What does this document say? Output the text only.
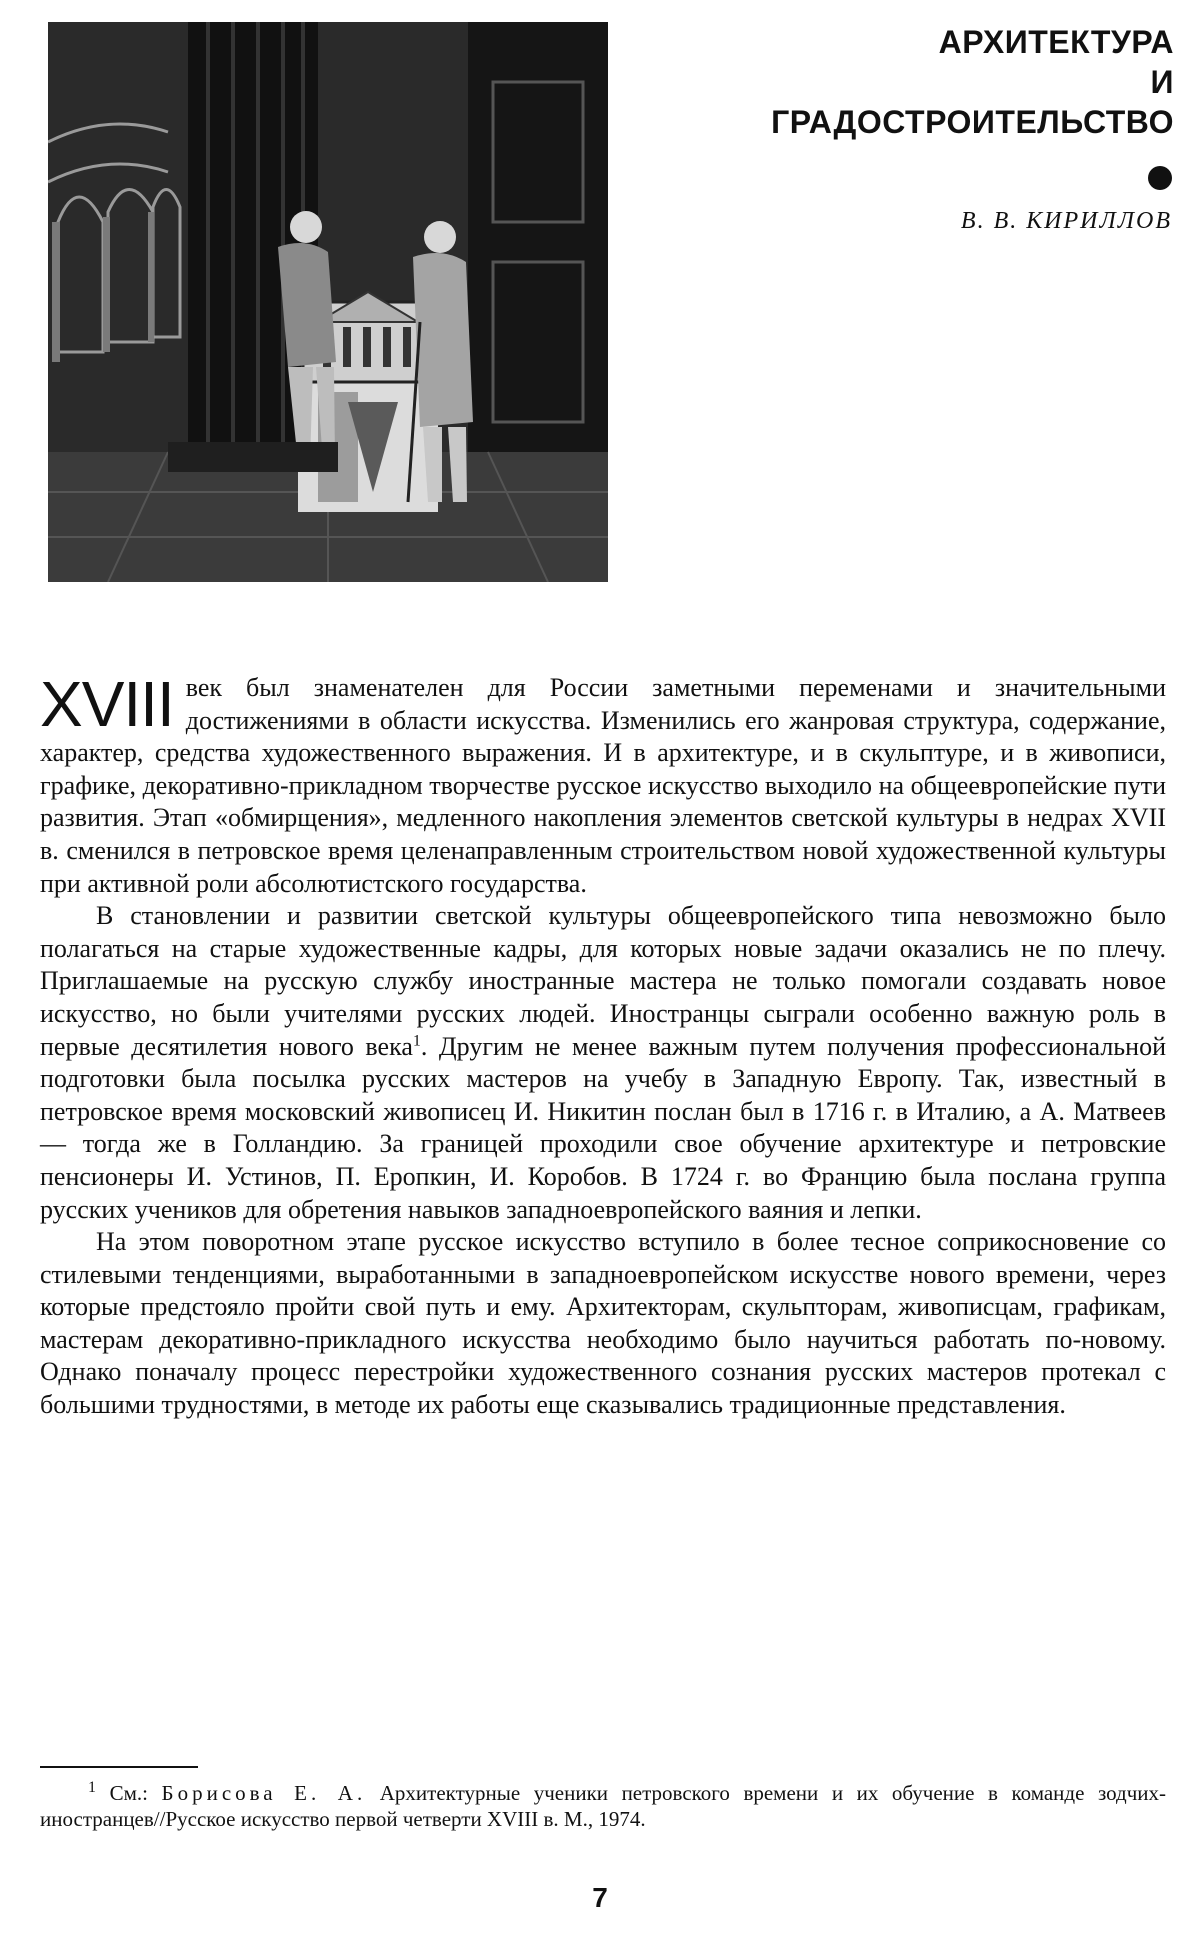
АРХИТЕКТУРА
И
ГРАДОСТРОИТЕЛЬСТВО
В. В. КИРИЛЛОВ
XVIII век был знаменателен для России заметными переменами и значительными достижениями в области искусства. Изменились его жанровая структура, содержание, характер, средства художественного выражения. И в архитектуре, и в скульптуре, и в живописи, графике, декоративно-прикладном творчестве русское искусство выходило на общеевропейские пути развития. Этап «обмирщения», медленного накопления элементов светской культуры в недрах XVII в. сменился в петровское время целенаправленным строительством новой художественной культуры при активной роли абсолютистского государства.

В становлении и развитии светской культуры общеевропейского типа невозможно было полагаться на старые художественные кадры, для которых новые задачи оказались не по плечу. Приглашаемые на русскую службу иностранные мастера не только помогали создавать новое искусство, но были учителями русских людей. Иностранцы сыграли особенно важную роль в первые десятилетия нового века$^1$. Другим не менее важным путем получения профессиональной подготовки была посылка русских мастеров на учебу в Западную Европу. Так, известный в петровское время московский живописец И. Никитин послан был в 1716 г. в Италию, а А. Матвеев — тогда же в Голландию. За границей проходили свое обучение архитектуре и петровские пенсионеры И. Устинов, П. Еропкин, И. Коробов. В 1724 г. во Францию была послана группа русских учеников для обретения навыков западноевропейского ваяния и лепки.

На этом поворотном этапе русское искусство вступило в более тесное соприкосновение со стилевыми тенденциями, выработанными в западноевропейском искусстве нового времени, через которые предстояло пройти свой путь и ему. Архитекторам, скульпторам, живописцам, графикам, мастерам декоративно-прикладного искусства необходимо было научиться работать по-новому. Однако поначалу процесс перестройки художественного сознания русских мастеров протекал с большими трудностями, в методе их работы еще сказывались традиционные представления.

$^1$ См.: Борисова Е. А. Архитектурные ученики петровского времени и их обучение в команде зодчих-иностранцев//Русское искусство первой четверти XVIII в. М., 1974.

7
